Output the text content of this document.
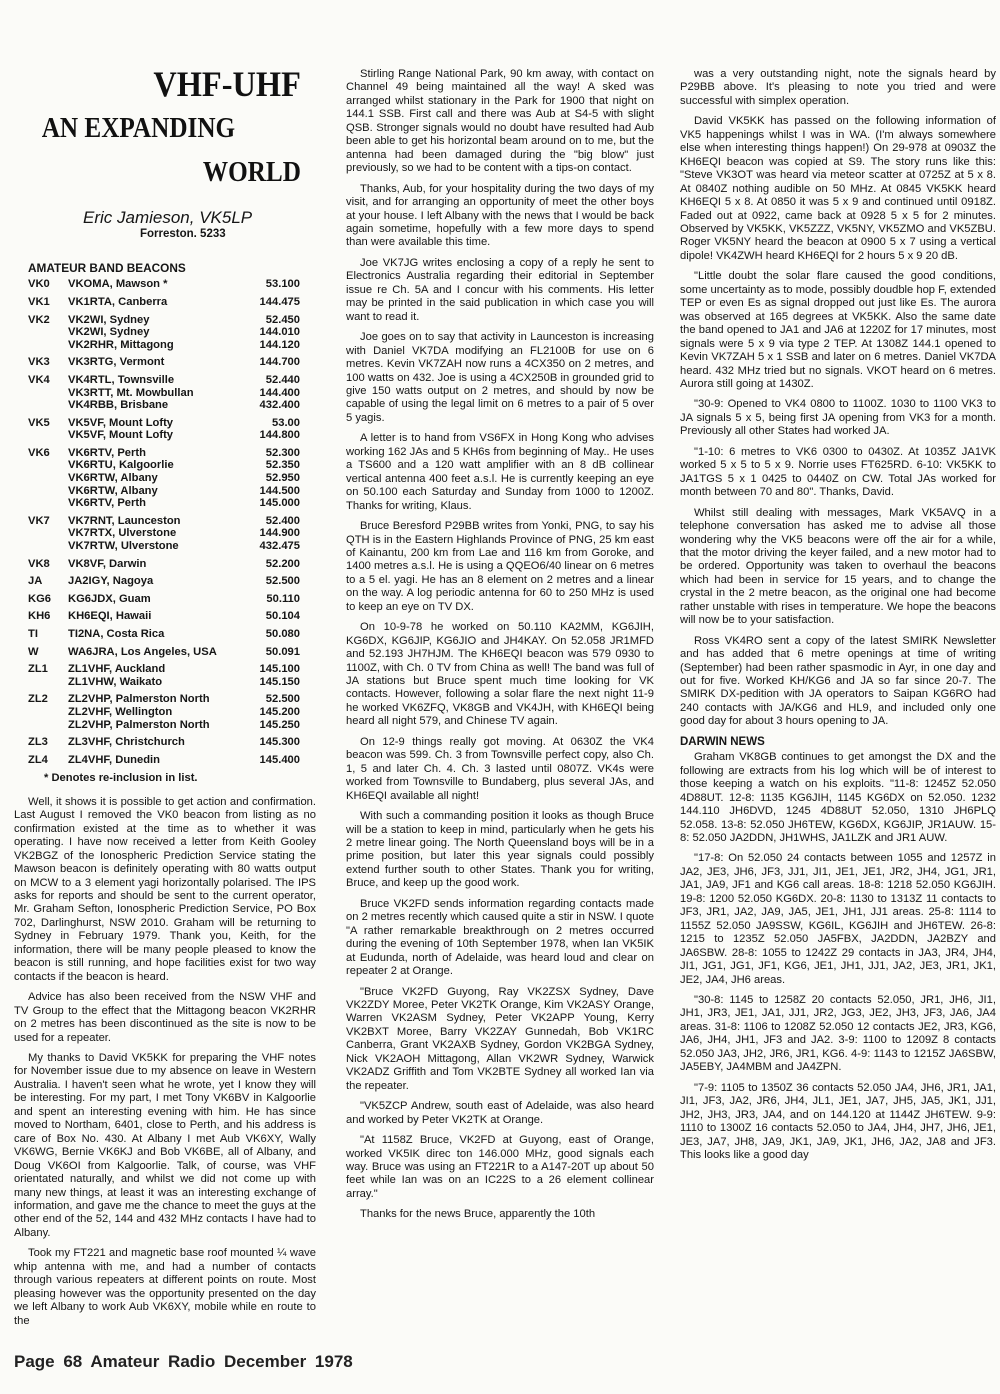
VHF-UHF

AN EXPANDING

WORLD

Eric Jamieson, VK5LP
Forreston. 5233
AMATEUR BAND BEACONS
VK0	VKOMA, Mawson *	53.100
VK1	VK1RTA, Canberra	144.475
VK2	VK2WI, Sydney	52.450
	VK2WI, Sydney	144.010
	VK2RHR, Mittagong	144.120
VK3	VK3RTG, Vermont	144.700
VK4	VK4RTL, Townsville	52.440
	VK3RTT, Mt. Mowbullan	144.400
	VK4RBB, Brisbane	432.400
VK5	VK5VF, Mount Lofty	53.00
	VK5VF, Mount Lofty	144.800
VK6	VK6RTV, Perth	52.300
	VK6RTU, Kalgoorlie	52.350
	VK6RTW, Albany	52.950
	VK6RTW, Albany	144.500
	VK6RTV, Perth	145.000
VK7	VK7RNT, Launceston	52.400
	VK7RTX, Ulverstone	144.900
	VK7RTW, Ulverstone	432.475
VK8	VK8VF, Darwin	52.200
JA	JA2IGY, Nagoya	52.500
KG6	KG6JDX, Guam	50.110
KH6	KH6EQI, Hawaii	50.104
TI	TI2NA, Costa Rica	50.080
W	WA6JRA, Los Angeles, USA	50.091
ZL1	ZL1VHF, Auckland	145.100
	ZL1VHW, Waikato	145.150
ZL2	ZL2VHP, Palmerston North	52.500
	ZL2VHF, Wellington	145.200
	ZL2VHP, Palmerston North	145.250
ZL3	ZL3VHF, Christchurch	145.300
ZL4	ZL4VHF, Dunedin	145.400
* Denotes re-inclusion in list.

Well, it shows it is possible to get action and confirmation. Last August I removed the VK0 beacon from listing as no confirmation existed at the time as to whether it was operating. I have now received a letter from Keith Gooley VK2BGZ of the Ionospheric Prediction Service stating the Mawson beacon is definitely operating with 80 watts output on MCW to a 3 element yagi horizontally polarised. The IPS asks for reports and should be sent to the current operator, Mr. Graham Sefton, Ionospheric Prediction Service, PO Box 702, Darlinghurst, NSW 2010. Graham will be returning to Sydney in February 1979. Thank you, Keith, for the information, there will be many people pleased to know the beacon is still running, and hope facilities exist for two way contacts if the beacon is heard.

Advice has also been received from the NSW VHF and TV Group to the effect that the Mittagong beacon VK2RHR on 2 metres has been discontinued as the site is now to be used for a repeater.

My thanks to David VK5KK for preparing the VHF notes for November issue due to my absence on leave in Western Australia. I haven't seen what he wrote, yet I know they will be interesting. For my part, I met Tony VK6BV in Kalgoorlie and spent an interesting evening with him. He has since moved to Northam, 6401, close to Perth, and his address is care of Box No. 430. At Albany I met Aub VK6XY, Wally VK6WG, Bernie VK6KJ and Bob VK6BE, all of Albany, and Doug VK6OI from Kalgoorlie. Talk, of course, was VHF orientated naturally, and whilst we did not come up with many new things, at least it was an interesting exchange of information, and gave me the chance to meet the guys at the other end of the 52, 144 and 432 MHz contacts I have had to Albany.

Took my FT221 and magnetic base roof mounted ¼ wave whip antenna with me, and had a number of contacts through various repeaters at different points on route. Most pleasing however was the opportunity presented on the day we left Albany to work Aub VK6XY, mobile while en route to the

Stirling Range National Park, 90 km away, with contact on Channel 49 being maintained all the way! A sked was arranged whilst stationary in the Park for 1900 that night on 144.1 SSB. First call and there was Aub at S4-5 with slight QSB. Stronger signals would no doubt have resulted had Aub been able to get his horizontal beam around on to me, but the antenna had been damaged during the "big blow" just previously, so we had to be content with a tips-on contact.

Thanks, Aub, for your hospitality during the two days of my visit, and for arranging an opportunity of meet the other boys at your house. I left Albany with the news that I would be back again sometime, hopefully with a few more days to spend than were available this time.

Joe VK7JG writes enclosing a copy of a reply he sent to Electronics Australia regarding their editorial in September issue re Ch. 5A and I concur with his comments. His letter may be printed in the said publication in which case you will want to read it.

Joe goes on to say that activity in Launceston is increasing with Daniel VK7DA modifying an FL2100B for use on 6 metres. Kevin VK7ZAH now runs a 4CX350 on 2 metres, and 100 watts on 432. Joe is using a 4CX250B in grounded grid to give 150 watts output on 2 metres, and should by now be capable of using the legal limit on 6 metres to a pair of 5 over 5 yagis.

A letter is to hand from VS6FX in Hong Kong who advises working 162 JAs and 5 KH6s from beginning of May.. He uses a TS600 and a 120 watt amplifier with an 8 dB collinear vertical antenna 400 feet a.s.l. He is currently keeping an eye on 50.100 each Saturday and Sunday from 1000 to 1200Z. Thanks for writing, Klaus.

Bruce Beresford P29BB writes from Yonki, PNG, to say his QTH is in the Eastern Highlands Province of PNG, 25 km east of Kainantu, 200 km from Lae and 116 km from Goroke, and 1400 metres a.s.l. He is using a QQEO6/40 linear on 6 metres to a 5 el. yagi. He has an 8 element on 2 metres and a linear on the way. A log periodic antenna for 60 to 250 MHz is used to keep an eye on TV DX.

On 10-9-78 he worked on 50.110 KA2MM, KG6JIH, KG6DX, KG6JIP, KG6JIO and JH4KAY. On 52.058 JR1MFD and 52.193 JH7HJM. The KH6EQI beacon was 579 0930 to 1100Z, with Ch. 0 TV from China as well! The band was full of JA stations but Bruce spent much time looking for VK contacts. However, following a solar flare the next night 11-9 he worked VK6ZFQ, VK8GB and VK4JH, with KH6EQI being heard all night 579, and Chinese TV again.

On 12-9 things really got moving. At 0630Z the VK4 beacon was 599. Ch. 3 from Townsville perfect copy, also Ch. 1, 5 and later Ch. 4. Ch. 3 lasted until 0807Z. VK4s were worked from Townsville to Bundaberg, plus several JAs, and KH6EQI available all night!

With such a commanding position it looks as though Bruce will be a station to keep in mind, particularly when he gets his 2 metre linear going. The North Queensland boys will be in a prime position, but later this year signals could possibly extend further south to other States. Thank you for writing, Bruce, and keep up the good work.

Bruce VK2FD sends information regarding contacts made on 2 metres recently which caused quite a stir in NSW. I quote "A rather remarkable breakthrough on 2 metres occurred during the evening of 10th September 1978, when Ian VK5IK at Eudunda, north of Adelaide, was heard loud and clear on repeater 2 at Orange.

"Bruce VK2FD Guyong, Ray VK2ZSX Sydney, Dave VK2ZDY Moree, Peter VK2TK Orange, Kim VK2ASY Orange, Warren VK2ASM Sydney, Peter VK2APP Young, Kerry VK2BXT Moree, Barry VK2ZAY Gunnedah, Bob VK1RC Canberra, Grant VK2AXB Sydney, Gordon VK2BGA Sydney, Nick VK2AOH Mittagong, Allan VK2WR Sydney, Warwick VK2ADZ Griffith and Tom VK2BTE Sydney all worked Ian via the repeater.

"VK5ZCP Andrew, south east of Adelaide, was also heard and worked by Peter VK2TK at Orange.

"At 1158Z Bruce, VK2FD at Guyong, east of Orange, worked VK5IK direc ton 146.000 MHz, good signals each way. Bruce was using an FT221R to a A147-20T up about 50 feet while Ian was on an IC22S to a 26 element collinear array."

Thanks for the news Bruce, apparently the 10th

was a very outstanding night, note the signals heard by P29BB above. It's pleasing to note you tried and were successful with simplex operation.

David VK5KK has passed on the following information of VK5 happenings whilst I was in WA. (I'm always somewhere else when interesting things happen!) On 29-978 at 0903Z the KH6EQI beacon was copied at S9. The story runs like this: "Steve VK3OT was heard via meteor scatter at 0725Z at 5 x 8. At 0840Z nothing audible on 50 MHz. At 0845 VK5KK heard KH6EQI 5 x 8. At 0850 it was 5 x 9 and continued until 0918Z. Faded out at 0922, came back at 0928 5 x 5 for 2 minutes. Observed by VK5KK, VK5ZZZ, VK5NY, VK5ZMO and VK5ZBU. Roger VK5NY heard the beacon at 0900 5 x 7 using a vertical dipole! VK4ZWH heard KH6EQI for 2 hours 5 x 9 20 dB.

"Little doubt the solar flare caused the good conditions, some uncertainty as to mode, possibly doudble hop F, extended TEP or even Es as signal dropped out just like Es. The aurora was observed at 165 degrees at VK5KK. Also the same date the band opened to JA1 and JA6 at 1220Z for 17 minutes, most signals were 5 x 9 via type 2 TEP. At 1308Z 144.1 opened to Kevin VK7ZAH 5 x 1 SSB and later on 6 metres. Daniel VK7DA heard. 432 MHz tried but no signals. VKOT heard on 6 metres. Aurora still going at 1430Z.

"30-9: Opened to VK4 0800 to 1100Z. 1030 to 1100 VK3 to JA signals 5 x 5, being first JA opening from VK3 for a month. Previously all other States had worked JA.

"1-10: 6 metres to VK6 0300 to 0430Z. At 1035Z JA1VK worked 5 x 5 to 5 x 9. Norrie uses FT625RD. 6-10: VK5KK to JA1TGS 5 x 1 0425 to 0440Z on CW. Total JAs worked for month between 70 and 80". Thanks, David.

Whilst still dealing with messages, Mark VK5AVQ in a telephone conversation has asked me to advise all those wondering why the VK5 beacons were off the air for a while, that the motor driving the keyer failed, and a new motor had to be ordered. Opportunity was taken to overhaul the beacons which had been in service for 15 years, and to change the crystal in the 2 metre beacon, as the original one had become rather unstable with rises in temperature. We hope the beacons will now be to your satisfaction.

Ross VK4RO sent a copy of the latest SMIRK Newsletter and has added that 6 metre openings at time of writing (September) had been rather spasmodic in Ayr, in one day and out for five. Worked KH/KG6 and JA so far since 20-7. The SMIRK DX-pedition with JA operators to Saipan KG6RO had 240 contacts with JA/KG6 and HL9, and included only one good day for about 3 hours opening to JA.

DARWIN NEWS

Graham VK8GB continues to get amongst the DX and the following are extracts from his log which will be of interest to those keeping a watch on his exploits. "11-8: 1245Z 52.050 4D88UT. 12-8: 1135 KG6JIH, 1145 KG6DX on 52.050. 1232 144.110 JH6DVD, 1245 4D88UT 52.050, 1310 JH6PLQ 52.058. 13-8: 52.050 JH6TEW, KG6DX, KG6JIP, JR1AUW. 15-8: 52.050 JA2DDN, JH1WHS, JA1LZK and JR1 AUW.

"17-8: On 52.050 24 contacts between 1055 and 1257Z in JA2, JE3, JH6, JF3, JJ1, JI1, JE1, JE1, JR2, JH4, JG1, JR1, JA1, JA9, JF1 and KG6 call areas. 18-8: 1218 52.050 KG6JIH. 19-8: 1200 52.050 KG6DX. 20-8: 1130 to 1313Z 11 contacts to JF3, JR1, JA2, JA9, JA5, JE1, JH1, JJ1 areas. 25-8: 1114 to 1155Z 52.050 JA9SSW, KG6IL, KG6JIH and JH6TEW. 26-8: 1215 to 1235Z 52.050 JA5FBX, JA2DDN, JA2BZY and JA6SBW. 28-8: 1055 to 1242Z 29 contacts in JA3, JR4, JH4, JI1, JG1, JG1, JF1, KG6, JE1, JH1, JJ1, JA2, JE3, JR1, JK1, JE2, JA4, JH6 areas.

"30-8: 1145 to 1258Z 20 contacts 52.050, JR1, JH6, JI1, JH1, JR3, JE1, JA1, JJ1, JR2, JG3, JE2, JH3, JF3, JA6, JA4 areas. 31-8: 1106 to 1208Z 52.050 12 contacts JE2, JR3, KG6, JA6, JH4, JH1, JF3 and JA2. 3-9: 1100 to 1209Z 8 contacts 52.050 JA3, JH2, JR6, JR1, KG6. 4-9: 1143 to 1215Z JA6SBW, JA5EBY, JA4MBM and JA4ZPN.

"7-9: 1105 to 1350Z 36 contacts 52.050 JA4, JH6, JR1, JA1, JI1, JF3, JA2, JR6, JH4, JL1, JE1, JA7, JH5, JA5, JK1, JJ1, JH2, JH3, JR3, JA4, and on 144.120 at 1144Z JH6TEW. 9-9: 1110 to 1300Z 16 contacts 52.050 to JA4, JH4, JH7, JH6, JE1, JE3, JA7, JH8, JA9, JK1, JA9, JK1, JH6, JA2, JA8 and JF3. This looks like a good day

Page 68 Amateur Radio December 1978
